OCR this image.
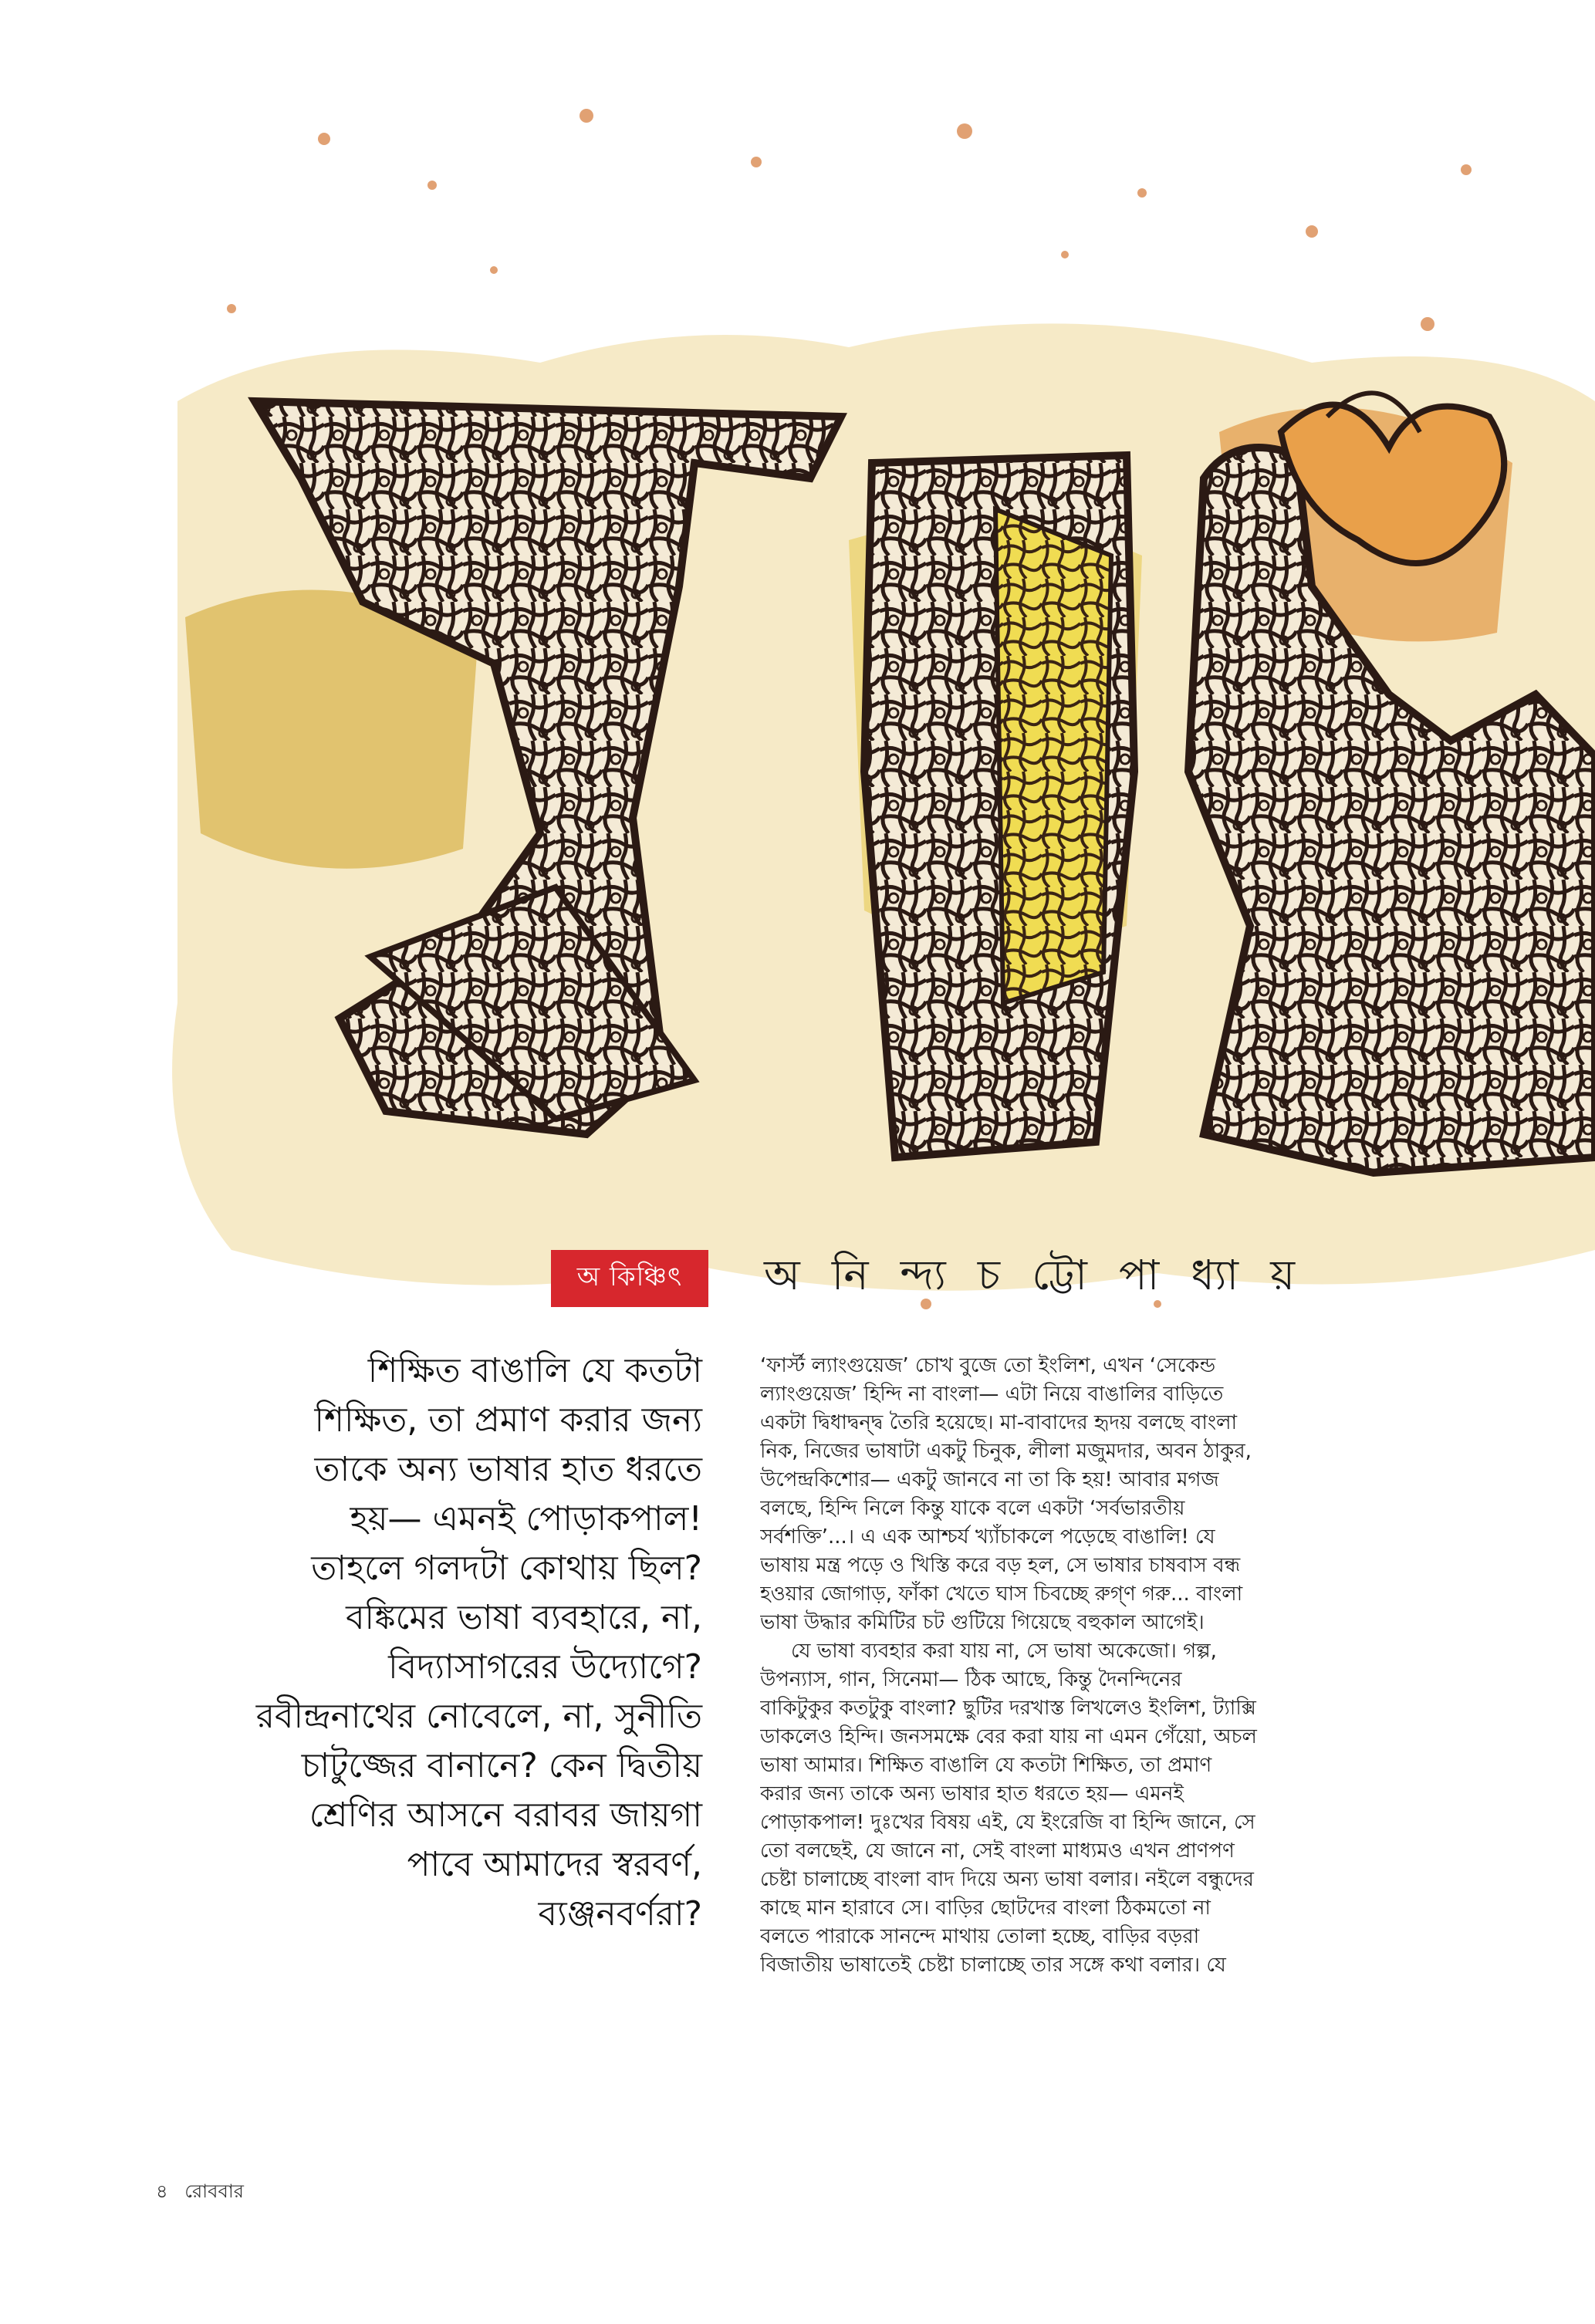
অ কিঞ্চিৎ অ নি ন্দ্য চ ট্টো পা ধ্যা য়
শিক্ষিত বাঙালি যে কতটা
শিক্ষিত, তা প্রমাণ করার জন্য
তাকে অন্য ভাষার হাত ধরতে
হয়— এমনই পোড়াকপাল!
তাহলে গলদটা কোথায় ছিল?
বঙ্কিমের ভাষা ব্যবহারে, না,
বিদ্যাসাগরের উদ্যোগে?
রবীন্দ্রনাথের নোবেলে, না, সুনীতি
চাটুজ্জের বানানে? কেন দ্বিতীয়
শ্রেণির আসনে বরাবর জায়গা
পাবে আমাদের স্বরবর্ণ,
ব্যঞ্জনবর্ণরা?
‘ফার্স্ট ল্যাংগুয়েজ’ চোখ বুজে তো ইংলিশ, এখন ‘সেকেন্ড
ল্যাংগুয়েজ’ হিন্দি না বাংলা— এটা নিয়ে বাঙালির বাড়িতে
একটা দ্বিধাদ্বন্দ্ব তৈরি হয়েছে। মা-বাবাদের হৃদয় বলছে বাংলা
নিক, নিজের ভাষাটা একটু চিনুক, লীলা মজুমদার, অবন ঠাকুর,
উপেন্দ্রকিশোর— একটু জানবে না তা কি হয়! আবার মগজ
বলছে, হিন্দি নিলে কিন্তু যাকে বলে একটা ‘সর্বভারতীয়
সর্বশক্তি’...। এ এক আশ্চর্য খ্যাঁচাকলে পড়েছে বাঙালি! যে
ভাষায় মন্ত্র পড়ে ও খিস্তি করে বড় হল, সে ভাষার চাষবাস বন্ধ
হওয়ার জোগাড়, ফাঁকা খেতে ঘাস চিবচ্ছে রুগ্ণ গরু... বাংলা
ভাষা উদ্ধার কমিটির চট গুটিয়ে গিয়েছে বহুকাল আগেই।
যে ভাষা ব্যবহার করা যায় না, সে ভাষা অকেজো। গল্প,
উপন্যাস, গান, সিনেমা— ঠিক আছে, কিন্তু দৈনন্দিনের
বাকিটুকুর কতটুকু বাংলা? ছুটির দরখাস্ত লিখলেও ইংলিশ, ট্যাক্সি
ডাকলেও হিন্দি। জনসমক্ষে বের করা যায় না এমন গেঁয়ো, অচল
ভাষা আমার। শিক্ষিত বাঙালি যে কতটা শিক্ষিত, তা প্রমাণ
করার জন্য তাকে অন্য ভাষার হাত ধরতে হয়— এমনই
পোড়াকপাল! দুঃখের বিষয় এই, যে ইংরেজি বা হিন্দি জানে, সে
তো বলছেই, যে জানে না, সেই বাংলা মাধ্যমও এখন প্রাণপণ
চেষ্টা চালাচ্ছে বাংলা বাদ দিয়ে অন্য ভাষা বলার। নইলে বন্ধুদের
কাছে মান হারাবে সে। বাড়ির ছোটদের বাংলা ঠিকমতো না
বলতে পারাকে সানন্দে মাথায় তোলা হচ্ছে, বাড়ির বড়রা
বিজাতীয় ভাষাতেই চেষ্টা চালাচ্ছে তার সঙ্গে কথা বলার। যে
৪ রোববার
